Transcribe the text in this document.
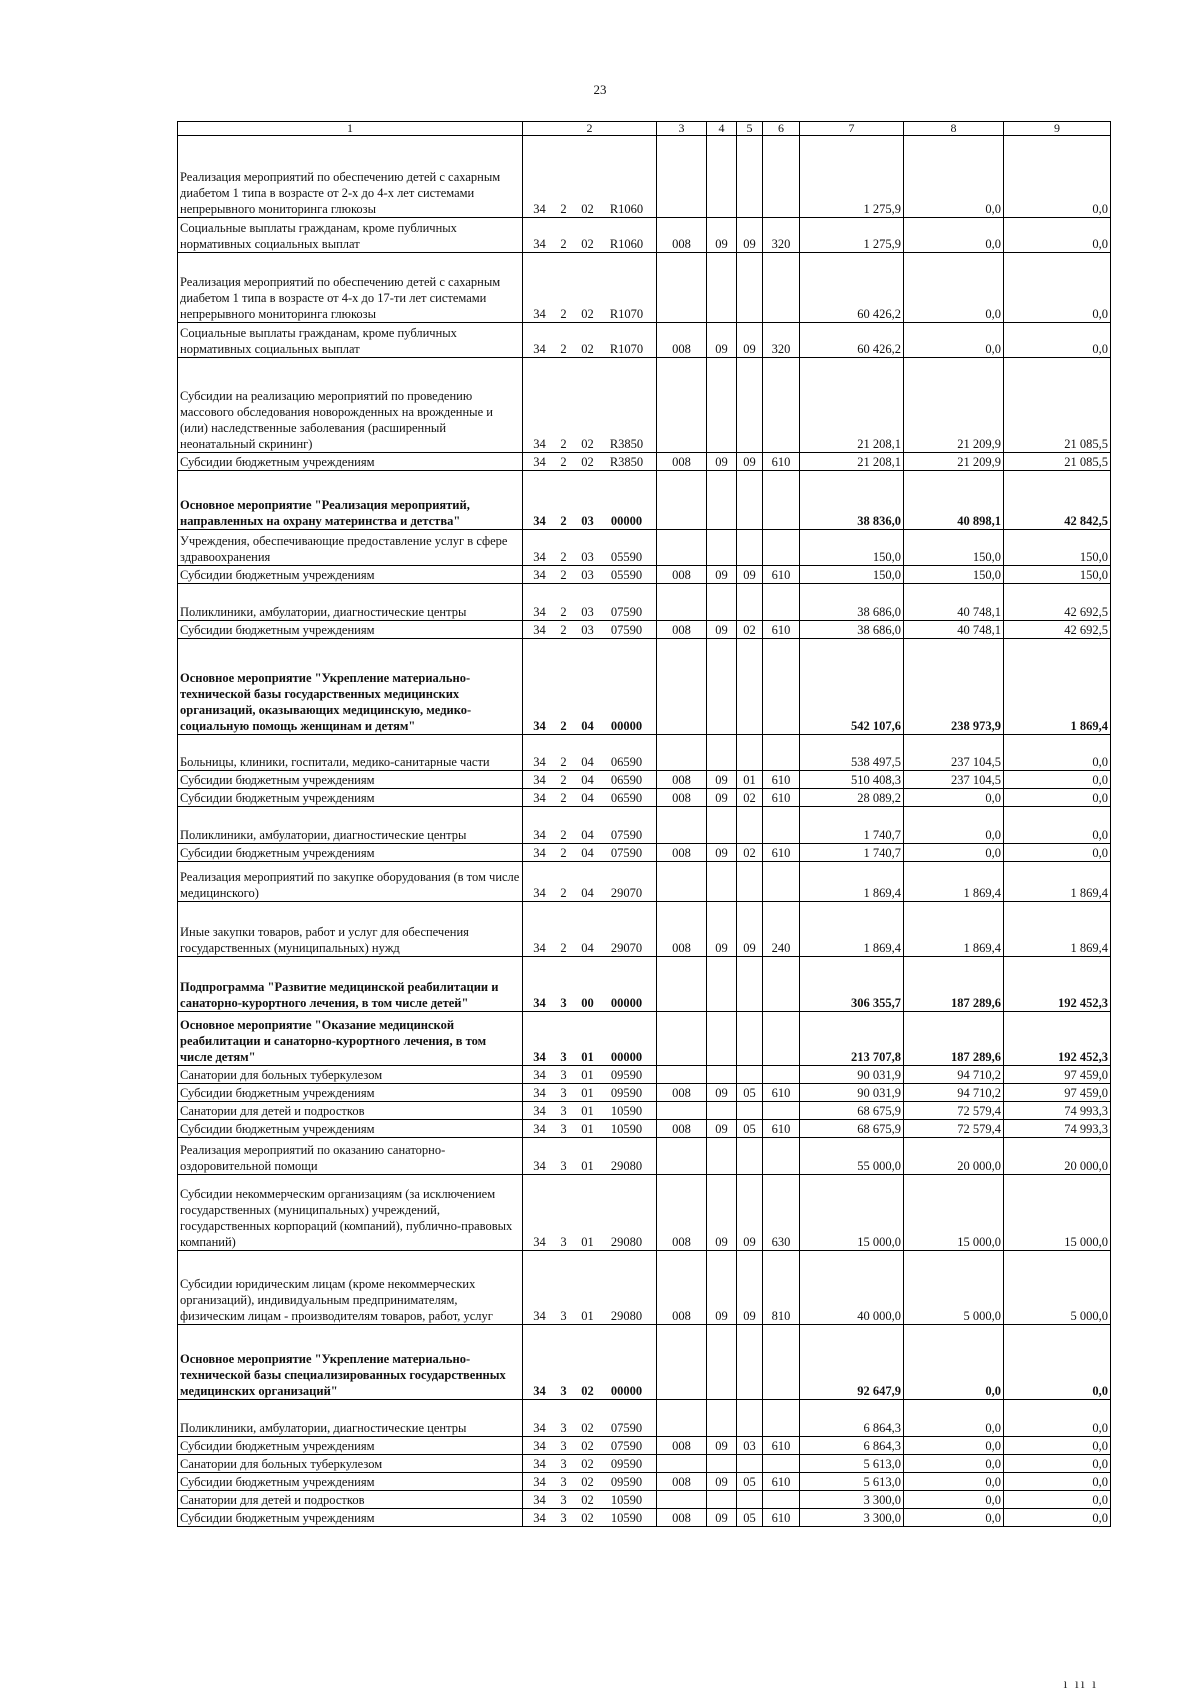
23
1	2	3	4	5	6	7	8	9
Реализация мероприятий по обеспечению детей с сахарным диабетом 1 типа в возрасте от 2-х до 4-х лет системами непрерывного мониторинга глюкозы	34 2 02 R1060					1 275,9	0,0	0,0
Социальные выплаты гражданам, кроме публичных нормативных социальных выплат	34 2 02 R1060	008	09	09	320	1 275,9	0,0	0,0
Реализация мероприятий по обеспечению детей с сахарным диабетом 1 типа в возрасте от 4-х до 17-ти лет системами непрерывного мониторинга глюкозы	34 2 02 R1070					60 426,2	0,0	0,0
Социальные выплаты гражданам, кроме публичных нормативных социальных выплат	34 2 02 R1070	008	09	09	320	60 426,2	0,0	0,0
Субсидии на реализацию мероприятий по проведению массового обследования новорожденных на врожденные и (или) наследственные заболевания (расширенный неонатальный скрининг)	34 2 02 R3850					21 208,1	21 209,9	21 085,5
Субсидии бюджетным учреждениям	34 2 02 R3850	008	09	09	610	21 208,1	21 209,9	21 085,5
Основное мероприятие "Реализация мероприятий, направленных на охрану материнства и детства"	34 2 03 00000					38 836,0	40 898,1	42 842,5
Учреждения, обеспечивающие предоставление услуг в сфере здравоохранения	34 2 03 05590					150,0	150,0	150,0
Субсидии бюджетным учреждениям	34 2 03 05590	008	09	09	610	150,0	150,0	150,0
Поликлиники, амбулатории, диагностические центры	34 2 03 07590					38 686,0	40 748,1	42 692,5
Субсидии бюджетным учреждениям	34 2 03 07590	008	09	02	610	38 686,0	40 748,1	42 692,5
Основное мероприятие "Укрепление материально-технической базы государственных медицинских организаций, оказывающих медицинскую, медико-социальную помощь женщинам и детям"	34 2 04 00000					542 107,6	238 973,9	1 869,4
Больницы, клиники, госпитали, медико-санитарные части	34 2 04 06590					538 497,5	237 104,5	0,0
Субсидии бюджетным учреждениям	34 2 04 06590	008	09	01	610	510 408,3	237 104,5	0,0
Субсидии бюджетным учреждениям	34 2 04 06590	008	09	02	610	28 089,2	0,0	0,0
Поликлиники, амбулатории, диагностические центры	34 2 04 07590					1 740,7	0,0	0,0
Субсидии бюджетным учреждениям	34 2 04 07590	008	09	02	610	1 740,7	0,0	0,0
Реализация мероприятий по закупке оборудования (в том числе медицинского)	34 2 04 29070					1 869,4	1 869,4	1 869,4
Иные закупки товаров, работ и услуг для обеспечения государственных (муниципальных) нужд	34 2 04 29070	008	09	09	240	1 869,4	1 869,4	1 869,4
Подпрограмма "Развитие медицинской реабилитации и санаторно-курортного лечения, в том числе детей"	34 3 00 00000					306 355,7	187 289,6	192 452,3
Основное мероприятие "Оказание медицинской реабилитации и санаторно-курортного лечения, в том числе детям"	34 3 01 00000					213 707,8	187 289,6	192 452,3
Санатории для больных туберкулезом	34 3 01 09590					90 031,9	94 710,2	97 459,0
Субсидии бюджетным учреждениям	34 3 01 09590	008	09	05	610	90 031,9	94 710,2	97 459,0
Санатории для детей и подростков	34 3 01 10590					68 675,9	72 579,4	74 993,3
Субсидии бюджетным учреждениям	34 3 01 10590	008	09	05	610	68 675,9	72 579,4	74 993,3
Реализация мероприятий по оказанию санаторно-оздоровительной помощи	34 3 01 29080					55 000,0	20 000,0	20 000,0
Субсидии некоммерческим организациям (за исключением государственных (муниципальных) учреждений, государственных корпораций (компаний), публично-правовых компаний)	34 3 01 29080	008	09	09	630	15 000,0	15 000,0	15 000,0
Субсидии юридическим лицам (кроме некоммерческих организаций), индивидуальным предпринимателям, физическим лицам - производителям товаров, работ, услуг	34 3 01 29080	008	09	09	810	40 000,0	5 000,0	5 000,0
Основное мероприятие "Укрепление материально-технической базы специализированных государственных медицинских организаций"	34 3 02 00000					92 647,9	0,0	0,0
Поликлиники, амбулатории, диагностические центры	34 3 02 07590					6 864,3	0,0	0,0
Субсидии бюджетным учреждениям	34 3 02 07590	008	09	03	610	6 864,3	0,0	0,0
Санатории для больных туберкулезом	34 3 02 09590					5 613,0	0,0	0,0
Субсидии бюджетным учреждениям	34 3 02 09590	008	09	05	610	5 613,0	0,0	0,0
Санатории для детей и подростков	34 3 02 10590					3 300,0	0,0	0,0
Субсидии бюджетным учреждениям	34 3 02 10590	008	09	05	610	3 300,0	0,0	0,0
ı ıı ı
